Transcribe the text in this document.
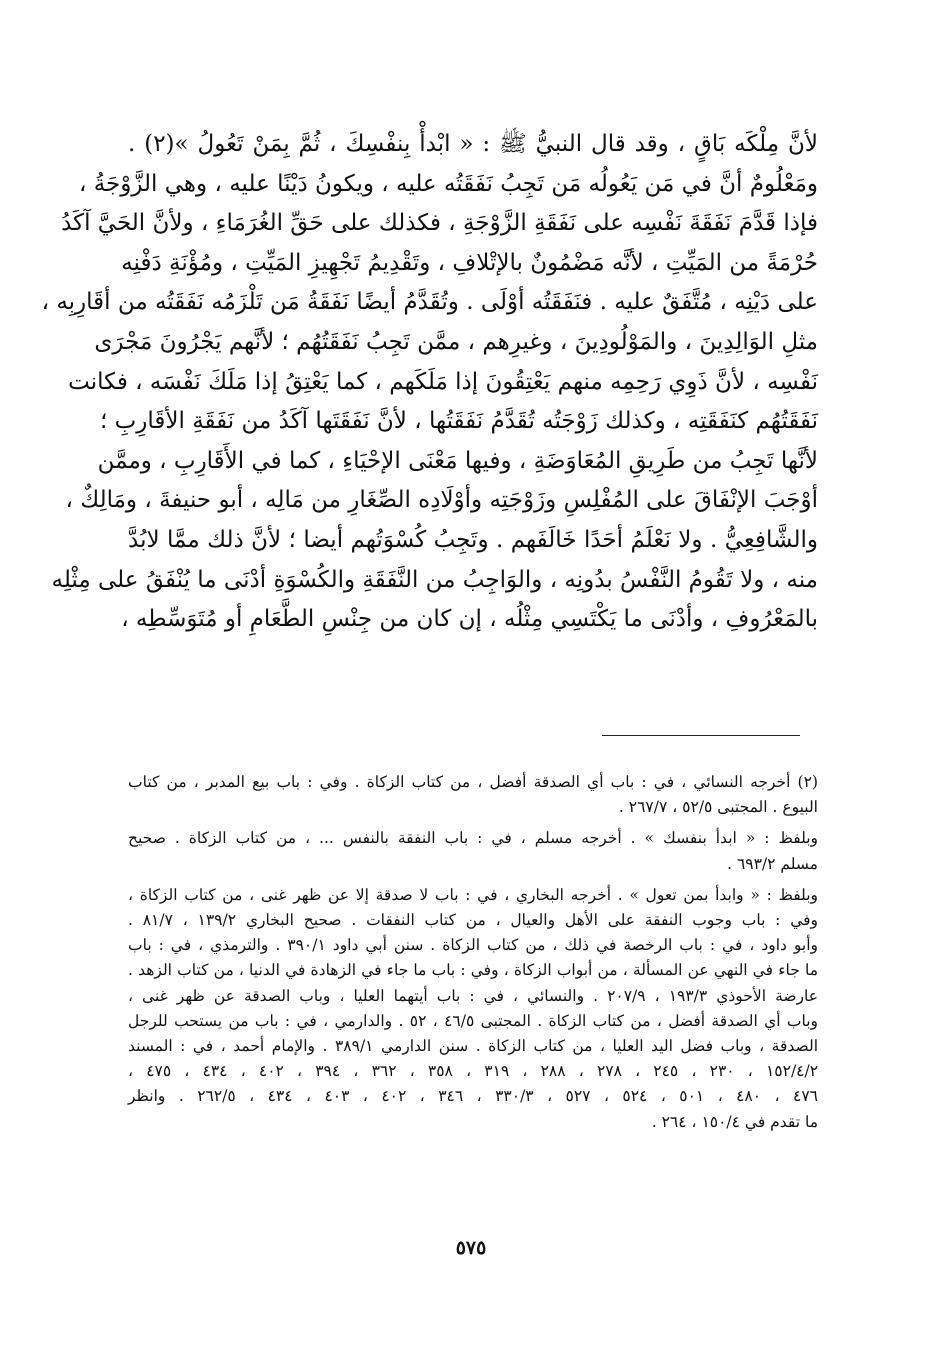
لأنَّ مِلْكَه بَاقٍ ، وقد قال النبيُّ ﷺ : « ابْدأْ بِنفْسِكَ ، ثُمَّ بِمَنْ تَعُولُ »(٢) .
ومَعْلُومٌ أنَّ في مَن يَعُولُه مَن تَجِبُ نَفَقَتُه عليه ، ويكونُ دَيْنًا عليه ، وهي الزَّوْجَةُ ،
فإذا قَدَّمَ نَفَقَةَ نَفْسِه على نَفَقَةِ الزَّوْجَةِ ، فكذلك على حَقِّ الغُرَمَاءِ ، ولأنَّ الحَيَّ آكَدُ
حُرْمَةً من المَيِّتِ ، لأنَّه مَضْمُونٌ بالإتْلافِ ، وتَقْدِيمُ تَجْهِيزِ المَيِّتِ ، ومُؤْنَةِ دَفْنِه
على دَيْنِه ، مُتَّفَقٌ عليه . فنَفَقَتُه أوْلَى . وتُقَدَّمُ أيضًا نَفَقَةُ مَن تَلْزَمُه نَفَقَتُه من أقَارِبِه ،
مثلِ الوَالِدِينَ ، والمَوْلُودِينَ ، وغيرِهم ، ممَّن تَجِبُ نَفَقَتُهُم ؛ لأنَّهم يَجْرُونَ مَجْرَى
نَفْسِه ، لأنَّ ذَوِي رَحِمِه منهم يَعْتِقُونَ إذا مَلَكَهم ، كما يَعْتِقُ إذا مَلَكَ نَفْسَه ، فكانت
نَفَقَتُهُم كنَفَقَتِه ، وكذلك زَوْجَتُه تُقَدَّمُ نَفَقَتُها ، لأنَّ نَفَقَتَها آكَدُ من نَفَقَةِ الأقَارِبِ ؛
لأنَّها تَجِبُ من طَرِيقِ المُعَاوَضَةِ ، وفيها مَعْنَى الإحْيَاءِ ، كما في الأَقَارِبِ ، وممَّن
أوْجَبَ الإنْفَاقَ على المُفْلِسِ وزَوْجَتِه وأوْلَادِه الصِّغَارِ من مَالِه ، أبو حنيفةَ ، ومَالِكٌ ،
والشَّافِعِيُّ . ولا نَعْلَمُ أحَدًا خَالَفَهم . وتَجِبُ كُسْوَتُهم أيضا ؛ لأنَّ ذلك ممَّا لابُدَّ
منه ، ولا تَقُومُ النَّفْسُ بدُونِه ، والوَاجِبُ من النَّفَقَةِ والكُسْوَةِ أدْنَى ما يُنْفَقُ على مِثْلِه
بالمَعْرُوفِ ، وأدْنَى ما يَكْتَسِي مِثْلُه ، إن كان من جِنْسِ الطَّعَامِ أو مُتَوَسِّطِه ،
(٢) أخرجه النسائي ، في : باب أي الصدقة أفضل ، من كتاب الزكاة . وفي : باب بيع المدبر ، من كتاب
البيوع . المجتبى ٥٢/٥ ، ٢٦٧/٧ .
وبلفظ : « ابدأ بنفسك » . أخرجه مسلم ، في : باب النفقة بالنفس ... ، من كتاب الزكاة . صحيح
مسلم ٦٩٣/٢ .
وبلفظ : « وابدأ بمن تعول » . أخرجه البخاري ، في : باب لا صدقة إلا عن ظهر غنى ، من كتاب الزكاة ،
وفي : باب وجوب النفقة على الأهل والعيال ، من كتاب النفقات . صحيح البخاري ١٣٩/٢ ، ٨١/٧ .
وأبو داود ، في : باب الرخصة في ذلك ، من كتاب الزكاة . سنن أبي داود ٣٩٠/١ . والترمذي ، في : باب
ما جاء في النهي عن المسألة ، من أبواب الزكاة ، وفي : باب ما جاء في الزهادة في الدنيا ، من كتاب الزهد .
عارضة الأحوذي ١٩٣/٣ ، ٢٠٧/٩ . والنسائي ، في : باب أيتهما العليا ، وباب الصدقة عن ظهر غنى ،
وباب أي الصدقة أفضل ، من كتاب الزكاة . المجتبى ٤٦/٥ ، ٥٢ . والدارمي ، في : باب من يستحب للرجل
الصدقة ، وباب فضل اليد العليا ، من كتاب الزكاة . سنن الدارمي ٣٨٩/١ . والإمام أحمد ، في : المسند
١٥٢/٤/٢ ، ٢٣٠ ، ٢٤٥ ، ٢٧٨ ، ٢٨٨ ، ٣١٩ ، ٣٥٨ ، ٣٦٢ ، ٣٩٤ ، ٤٠٢ ، ٤٣٤ ، ٤٧٥ ،
٤٧٦ ، ٤٨٠ ، ٥٠١ ، ٥٢٤ ، ٥٢٧ ، ٣٣٠/٣ ، ٣٤٦ ، ٤٠٢ ، ٤٠٣ ، ٤٣٤ ، ٢٦٢/٥ . وانظر
ما تقدم في ١٥٠/٤ ، ٢٦٤ .
٥٧٥
